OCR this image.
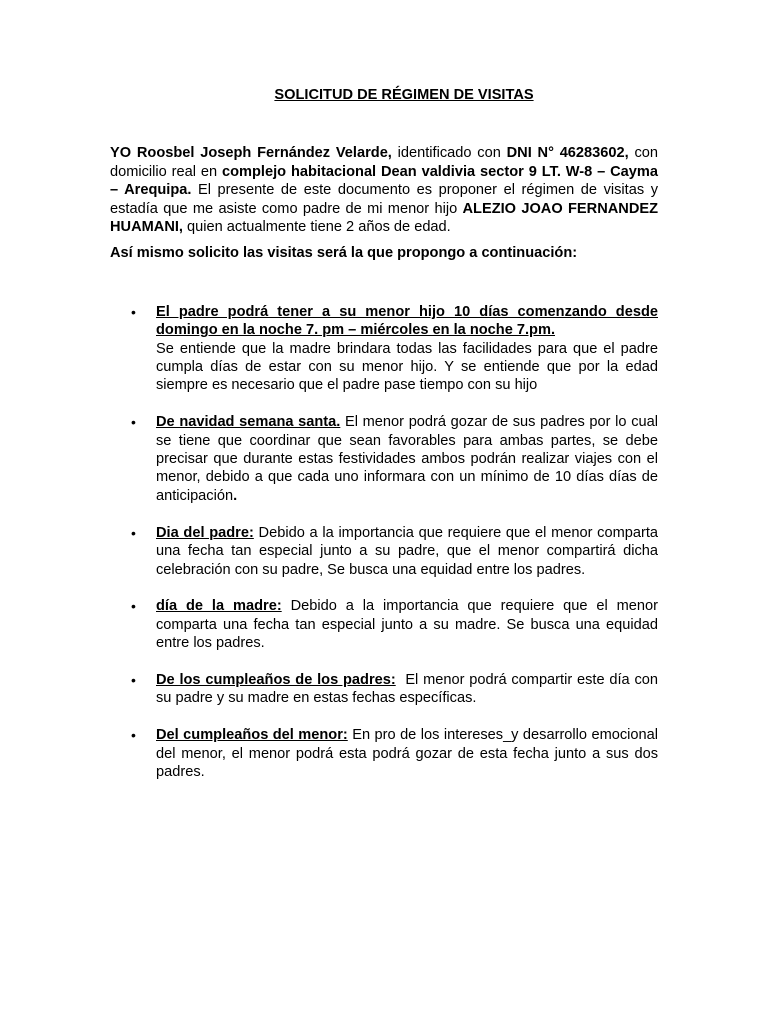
SOLICITUD DE RÉGIMEN DE VISITAS

YO Roosbel Joseph Fernández Velarde, identificado con DNI N° 46283602, con domicilio real en complejo habitacional Dean valdivia sector 9 LT. W-8 – Cayma – Arequipa. El presente de este documento es proponer el régimen de visitas y estadía que me asiste como padre de mi menor hijo ALEZIO JOAO FERNANDEZ HUAMANI, quien actualmente tiene 2 años de edad.

Así mismo solicito las visitas será la que propongo a continuación:

• El padre podrá tener a su menor hijo 10 días comenzando desde domingo en la noche 7. pm – miércoles en la noche 7.pm.
Se entiende que la madre brindara todas las facilidades para que el padre cumpla días de estar con su menor hijo. Y se entiende que por la edad siempre es necesario que el padre pase tiempo con su hijo
• De navidad semana santa. El menor podrá gozar de sus padres por lo cual se tiene que coordinar que sean favorables para ambas partes, se debe precisar que durante estas festividades ambos podrán realizar viajes con el menor, debido a que cada uno informara con un mínimo de 10 días días de anticipación.
• Dia del padre: Debido a la importancia que requiere que el menor comparta una fecha tan especial junto a su padre, que el menor compartirá dicha celebración con su padre, Se busca una equidad entre los padres.
• día de la madre: Debido a la importancia que requiere que el menor comparta una fecha tan especial junto a su madre. Se busca una equidad entre los padres.
• De los cumpleaños de los padres:  El menor podrá compartir este día con su padre y su madre en estas fechas específicas.
• Del cumpleaños del menor: En pro de los intereses_y desarrollo emocional del menor, el menor podrá esta podrá gozar de esta fecha junto a sus dos padres.
